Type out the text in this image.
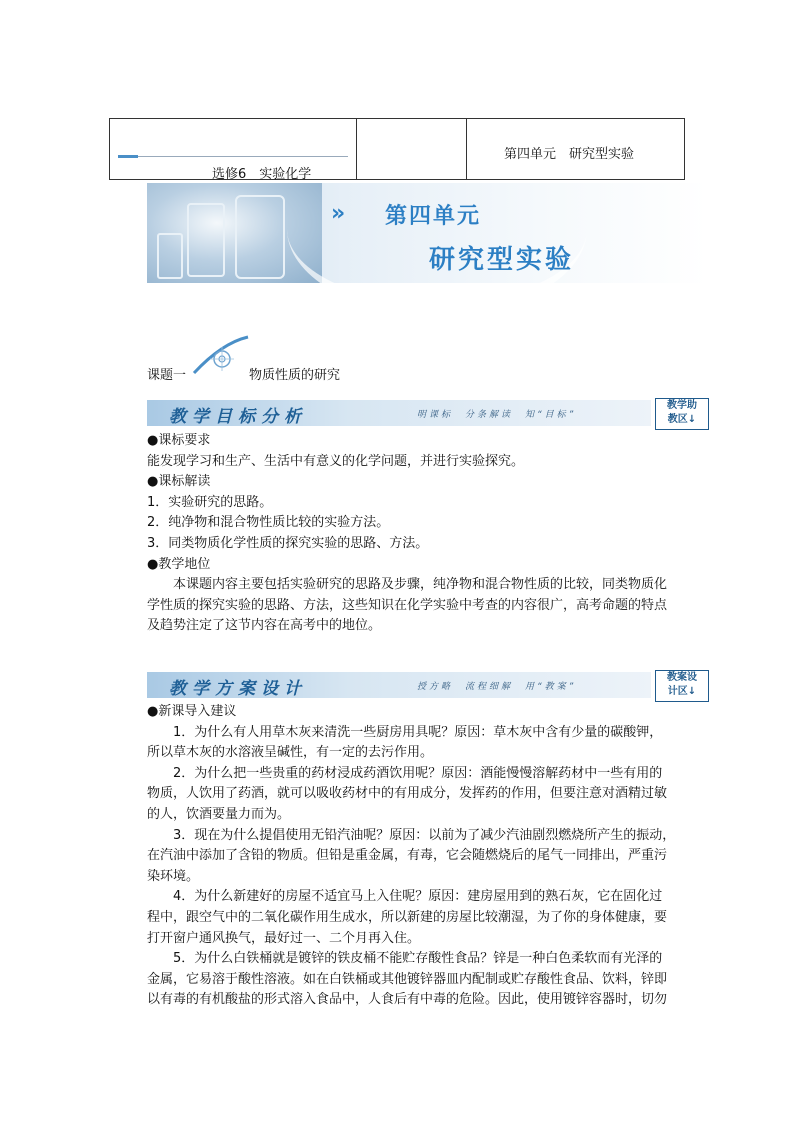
选修6　实验化学
第四单元　研究型实验
» 第四单元
研究型实验
课题一	物质性质的研究
教学目标分析	明课标　分条解读　知“目标”
教学助
教区↓
●课标要求
能发现学习和生产、生活中有意义的化学问题，并进行实验探究。
●课标解读
1．实验研究的思路。
2．纯净物和混合物性质比较的实验方法。
3．同类物质化学性质的探究实验的思路、方法。
●教学地位
本课题内容主要包括实验研究的思路及步骤，纯净物和混合物性质的比较，同类物质化
学性质的探究实验的思路、方法，这些知识在化学实验中考查的内容很广，高考命题的特点
及趋势注定了这节内容在高考中的地位。
教学方案设计	授方略　流程细解　用“教案”
教案设
计区↓
●新课导入建议
1．为什么有人用草木灰来清洗一些厨房用具呢？原因：草木灰中含有少量的碳酸钾，
所以草木灰的水溶液呈碱性，有一定的去污作用。
2．为什么把一些贵重的药材浸成药酒饮用呢？原因：酒能慢慢溶解药材中一些有用的
物质，人饮用了药酒，就可以吸收药材中的有用成分，发挥药的作用，但要注意对酒精过敏
的人，饮酒要量力而为。
3．现在为什么提倡使用无铅汽油呢？原因：以前为了减少汽油剧烈燃烧所产生的振动，
在汽油中添加了含铅的物质。但铅是重金属，有毒，它会随燃烧后的尾气一同排出，严重污
染环境。
4．为什么新建好的房屋不适宜马上入住呢？原因：建房屋用到的熟石灰，它在固化过
程中，跟空气中的二氧化碳作用生成水，所以新建的房屋比较潮湿，为了你的身体健康，要
打开窗户通风换气，最好过一、二个月再入住。
5．为什么白铁桶就是镀锌的铁皮桶不能贮存酸性食品？锌是一种白色柔软而有光泽的
金属，它易溶于酸性溶液。如在白铁桶或其他镀锌器皿内配制或贮存酸性食品、饮料，锌即
以有毒的有机酸盐的形式溶入食品中，人食后有中毒的危险。因此，使用镀锌容器时，切勿
